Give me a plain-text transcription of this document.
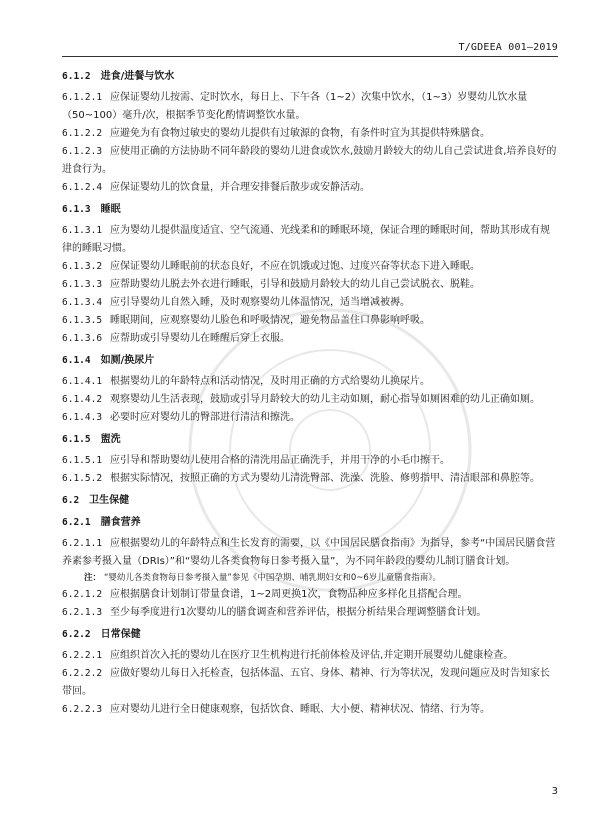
T/GDEEA 001—2019
6.1.2 进食/进餐与饮水
6.1.2.1 应保证婴幼儿按需、定时饮水，每日上、下午各（1~2）次集中饮水，（1~3）岁婴幼儿饮水量（50~100）毫升/次，根据季节变化酌情调整饮水量。
6.1.2.2 应避免为有食物过敏史的婴幼儿提供有过敏源的食物，有条件时宜为其提供特殊膳食。
6.1.2.3 应使用正确的方法协助不同年龄段的婴幼儿进食或饮水,鼓励月龄较大的幼儿自己尝试进食,培养良好的进食行为。
6.1.2.4 应保证婴幼儿的饮食量，并合理安排餐后散步或安静活动。
6.1.3 睡眠
6.1.3.1 应为婴幼儿提供温度适宜、空气流通、光线柔和的睡眠环境，保证合理的睡眠时间，帮助其形成有规律的睡眠习惯。
6.1.3.2 应保证婴幼儿睡眠前的状态良好，不应在饥饿或过饱、过度兴奋等状态下进入睡眠。
6.1.3.3 应帮助婴幼儿脱去外衣进行睡眠，引导和鼓励月龄较大的幼儿自己尝试脱衣、脱鞋。
6.1.3.4 应引导婴幼儿自然入睡，及时观察婴幼儿体温情况，适当增减被褥。
6.1.3.5 睡眠期间，应观察婴幼儿脸色和呼吸情况，避免物品盖住口鼻影响呼吸。
6.1.3.6 应帮助或引导婴幼儿在睡醒后穿上衣服。
6.1.4 如厕/换尿片
6.1.4.1 根据婴幼儿的年龄特点和活动情况，及时用正确的方式给婴幼儿换尿片。
6.1.4.2 观察婴幼儿生活表现，鼓励或引导月龄较大的幼儿主动如厕，耐心指导如厕困难的幼儿正确如厕。
6.1.4.3 必要时应对婴幼儿的臀部进行清洁和擦洗。
6.1.5 盥洗
6.1.5.1 应引导和帮助婴幼儿使用合格的清洗用品正确洗手，并用干净的小毛巾擦干。
6.1.5.2 根据实际情况，按照正确的方式为婴幼儿清洗臀部、洗澡、洗脸、修剪指甲、清洁眼部和鼻腔等。
6.2 卫生保健
6.2.1 膳食营养
6.2.1.1 应根据婴幼儿的年龄特点和生长发育的需要，以《中国居民膳食指南》为指导，参考“中国居民膳食营养素参考摄入量（DRIs）”和“婴幼儿各类食物每日参考摄入量”，为不同年龄段的婴幼儿制订膳食计划。
注： “婴幼儿各类食物每日参考摄入量”参见《中国孕期、哺乳期妇女和0~6岁儿童膳食指南》。
6.2.1.2 应根据膳食计划制订带量食谱，1~2周更换1次，食物品种应多样化且搭配合理。
6.2.1.3 至少每季度进行1次婴幼儿的膳食调查和营养评估，根据分析结果合理调整膳食计划。
6.2.2 日常保健
6.2.2.1 应组织首次入托的婴幼儿在医疗卫生机构进行托前体检及评估,并定期开展婴幼儿健康检查。
6.2.2.2 应做好婴幼儿每日入托检查，包括体温、五官、身体、精神、行为等状况，发现问题应及时告知家长带回。
6.2.2.3 应对婴幼儿进行全日健康观察，包括饮食、睡眠、大小便、精神状况、情绪、行为等。
3
